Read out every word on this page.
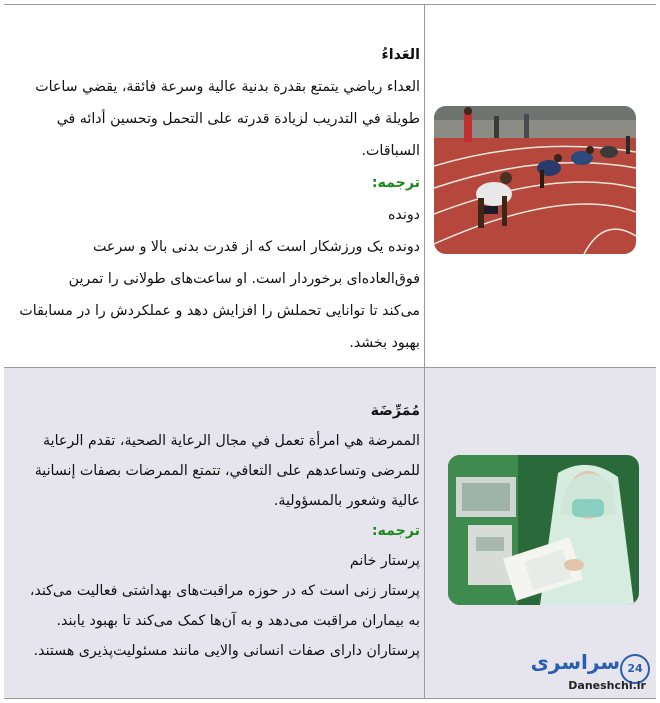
العَداءُ
العداء رياضي يتمتع بقدرة بدنية عالية وسرعة فائقة، يقضي ساعات
طويلة في التدريب لزيادة قدرته على التحمل وتحسين أدائه في
السباقات.
ترجمه:
دونده
دونده یک ورزشکار است که از قدرت بدنی بالا و سرعت
فوق‌العاده‌ای برخوردار است. او ساعت‌های طولانی را تمرین
می‌کند تا توانایی تحملش را افزایش دهد و عملکردش را در مسابقات
بهبود بخشد.
مُمَرِّضَة
الممرضة هي امرأة تعمل في مجال الرعاية الصحية، تقدم الرعاية
للمرضى وتساعدهم على التعافي، تتمتع الممرضات بصفات إنسانية
عالية وشعور بالمسؤولية.
ترجمه:
پرستار خانم
پرستار زنی است که در حوزه مراقبت‌های بهداشتی فعالیت می‌کند،
به بیماران مراقبت می‌دهد و به آن‌ها کمک می‌کند تا بهبود یابند.
پرستاران دارای صفات انسانی والایی مانند مسئولیت‌پذیری هستند.	سراسری 24
Daneshchi.ir
